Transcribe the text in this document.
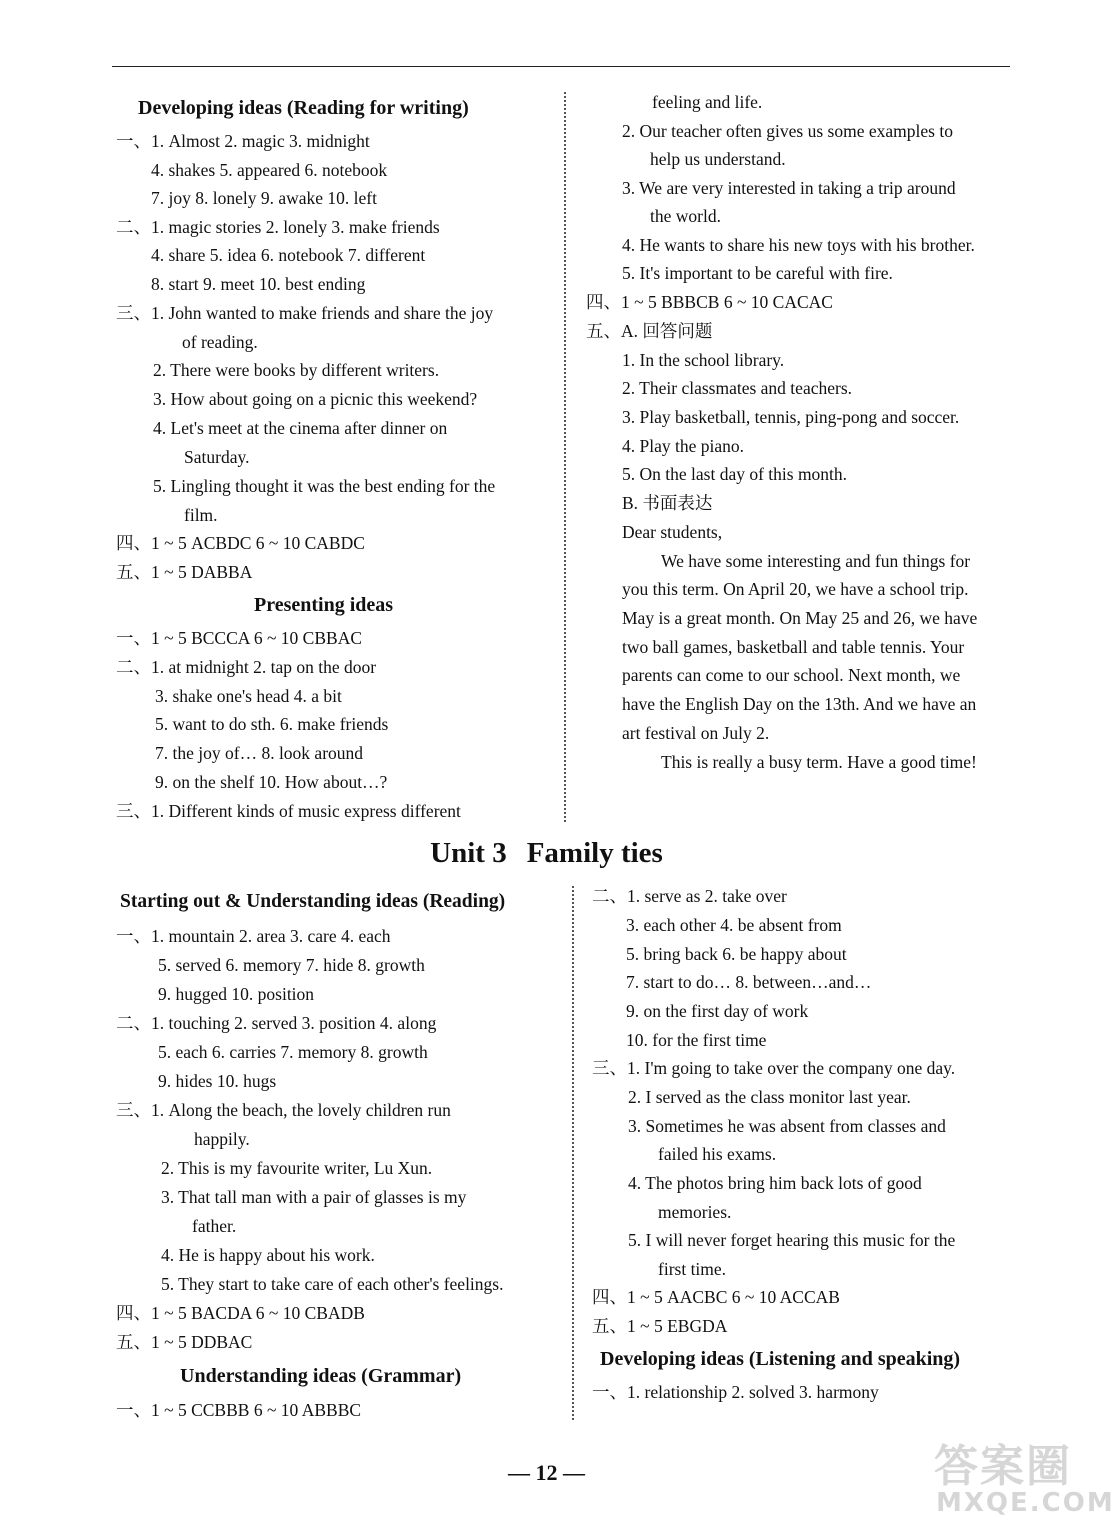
Developing ideas (Reading for writing)
一、1. Almost 2. magic 3. midnight
4. shakes 5. appeared 6. notebook
7. joy 8. lonely 9. awake 10. left
二、1. magic stories 2. lonely 3. make friends
4. share 5. idea 6. notebook 7. different
8. start 9. meet 10. best ending
三、1. John wanted to make friends and share the joy
of reading.
2. There were books by different writers.
3. How about going on a picnic this weekend?
4. Let's meet at the cinema after dinner on
Saturday.
5. Lingling thought it was the best ending for the
film.
四、1 ~ 5 ACBDC 6 ~ 10 CABDC
五、1 ~ 5 DABBA
Presenting ideas
一、1 ~ 5 BCCCA 6 ~ 10 CBBAC
二、1. at midnight 2. tap on the door
3. shake one's head 4. a bit
5. want to do sth. 6. make friends
7. the joy of… 8. look around
9. on the shelf 10. How about…?
三、1. Different kinds of music express different
feeling and life.
2. Our teacher often gives us some examples to
help us understand.
3. We are very interested in taking a trip around
the world.
4. He wants to share his new toys with his brother.
5. It's important to be careful with fire.
四、1 ~ 5 BBBCB 6 ~ 10 CACAC
五、A. 回答问题
1. In the school library.
2. Their classmates and teachers.
3. Play basketball, tennis, ping-pong and soccer.
4. Play the piano.
5. On the last day of this month.
B. 书面表达
Dear students,
We have some interesting and fun things for
you this term. On April 20, we have a school trip.
May is a great month. On May 25 and 26, we have
two ball games, basketball and table tennis. Your
parents can come to our school. Next month, we
have the English Day on the 13th. And we have an
art festival on July 2.
This is really a busy term. Have a good time!
Unit 3 Family ties
Starting out & Understanding ideas (Reading)
一、1. mountain 2. area 3. care 4. each
5. served 6. memory 7. hide 8. growth
9. hugged 10. position
二、1. touching 2. served 3. position 4. along
5. each 6. carries 7. memory 8. growth
9. hides 10. hugs
三、1. Along the beach, the lovely children run
happily.
2. This is my favourite writer, Lu Xun.
3. That tall man with a pair of glasses is my
father.
4. He is happy about his work.
5. They start to take care of each other's feelings.
四、1 ~ 5 BACDA 6 ~ 10 CBADB
五、1 ~ 5 DDBAC
Understanding ideas (Grammar)
一、1 ~ 5 CCBBB 6 ~ 10 ABBBC
二、1. serve as 2. take over
3. each other 4. be absent from
5. bring back 6. be happy about
7. start to do… 8. between…and…
9. on the first day of work
10. for the first time
三、1. I'm going to take over the company one day.
2. I served as the class monitor last year.
3. Sometimes he was absent from classes and
failed his exams.
4. The photos bring him back lots of good
memories.
5. I will never forget hearing this music for the
first time.
四、1 ~ 5 AACBC 6 ~ 10 ACCAB
五、1 ~ 5 EBGDA
Developing ideas (Listening and speaking)
一、1. relationship 2. solved 3. harmony
— 12 —	答案圈
MXQE.COM
